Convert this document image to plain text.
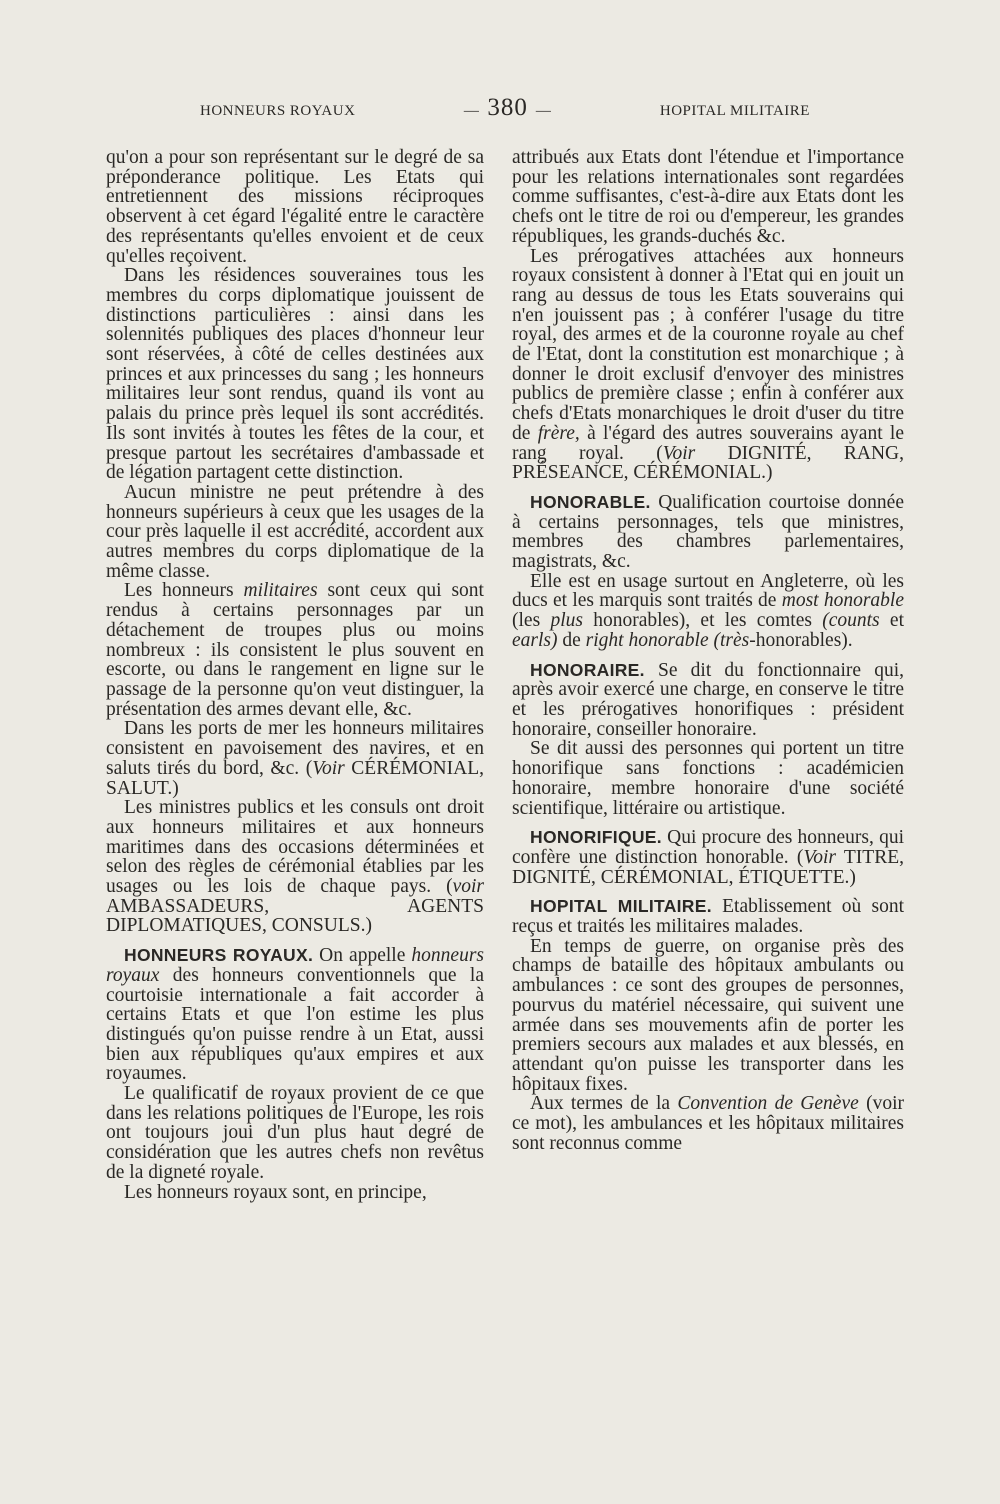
HONNEURS ROYAUX	— 380 —	HOPITAL MILITAIRE

qu'on a pour son représentant sur le degré de sa préponderance politique. Les Etats qui entretiennent des missions réciproques observent à cet égard l'égalité entre le caractère des représentants qu'elles envoient et de ceux qu'elles reçoivent.

Dans les résidences souveraines tous les membres du corps diplomatique jouissent de distinctions particulières : ainsi dans les solennités publiques des places d'honneur leur sont réservées, à côté de celles destinées aux princes et aux princesses du sang ; les honneurs militaires leur sont rendus, quand ils vont au palais du prince près lequel ils sont accrédités. Ils sont invités à toutes les fêtes de la cour, et presque partout les secrétaires d'ambassade et de légation partagent cette distinction.

Aucun ministre ne peut prétendre à des honneurs supérieurs à ceux que les usages de la cour près laquelle il est accrédité, accordent aux autres membres du corps diplomatique de la même classe.

Les honneurs militaires sont ceux qui sont rendus à certains personnages par un détachement de troupes plus ou moins nombreux : ils consistent le plus souvent en escorte, ou dans le rangement en ligne sur le passage de la personne qu'on veut distinguer, la présentation des armes devant elle, &c.

Dans les ports de mer les honneurs militaires consistent en pavoisement des navires, et en saluts tirés du bord, &c. (Voir CÉRÉMONIAL, SALUT.)

Les ministres publics et les consuls ont droit aux honneurs militaires et aux honneurs maritimes dans des occasions déterminées et selon des règles de cérémonial établies par les usages ou les lois de chaque pays. (voir AMBASSADEURS, AGENTS DIPLOMATIQUES, CONSULS.)

HONNEURS ROYAUX. On appelle honneurs royaux des honneurs conventionnels que la courtoisie internationale a fait accorder à certains Etats et que l'on estime les plus distingués qu'on puisse rendre à un Etat, aussi bien aux républiques qu'aux empires et aux royaumes.

Le qualificatif de royaux provient de ce que dans les relations politiques de l'Europe, les rois ont toujours joui d'un plus haut degré de considération que les autres chefs non revêtus de la digneté royale.

Les honneurs royaux sont, en principe,

attribués aux Etats dont l'étendue et l'importance pour les relations internationales sont regardées comme suffisantes, c'est-à-dire aux Etats dont les chefs ont le titre de roi ou d'empereur, les grandes républiques, les grands-duchés &c.

Les prérogatives attachées aux honneurs royaux consistent à donner à l'Etat qui en jouit un rang au dessus de tous les Etats souverains qui n'en jouissent pas ; à conférer l'usage du titre royal, des armes et de la couronne royale au chef de l'Etat, dont la constitution est monarchique ; à donner le droit exclusif d'envoyer des ministres publics de première classe ; enfin à conférer aux chefs d'Etats monarchiques le droit d'user du titre de frère, à l'égard des autres souverains ayant le rang royal. (Voir DIGNITÉ, RANG, PRÉSEANCE, CÉRÉMONIAL.)

HONORABLE. Qualification courtoise donnée à certains personnages, tels que ministres, membres des chambres parlementaires, magistrats, &c.

Elle est en usage surtout en Angleterre, où les ducs et les marquis sont traités de most honorable (les plus honorables), et les comtes (counts et earls) de right honorable (très-honorables).

HONORAIRE. Se dit du fonctionnaire qui, après avoir exercé une charge, en conserve le titre et les prérogatives honorifiques : président honoraire, conseiller honoraire.

Se dit aussi des personnes qui portent un titre honorifique sans fonctions : académicien honoraire, membre honoraire d'une société scientifique, littéraire ou artistique.

HONORIFIQUE. Qui procure des honneurs, qui confère une distinction honorable. (Voir TITRE, DIGNITÉ, CÉRÉMONIAL, ÉTIQUETTE.)

HOPITAL MILITAIRE. Etablissement où sont reçus et traités les militaires malades.

En temps de guerre, on organise près des champs de bataille des hôpitaux ambulants ou ambulances : ce sont des groupes de personnes, pourvus du matériel nécessaire, qui suivent une armée dans ses mouvements afin de porter les premiers secours aux malades et aux blessés, en attendant qu'on puisse les transporter dans les hôpitaux fixes.

Aux termes de la Convention de Genève (voir ce mot), les ambulances et les hôpitaux militaires sont reconnus comme
